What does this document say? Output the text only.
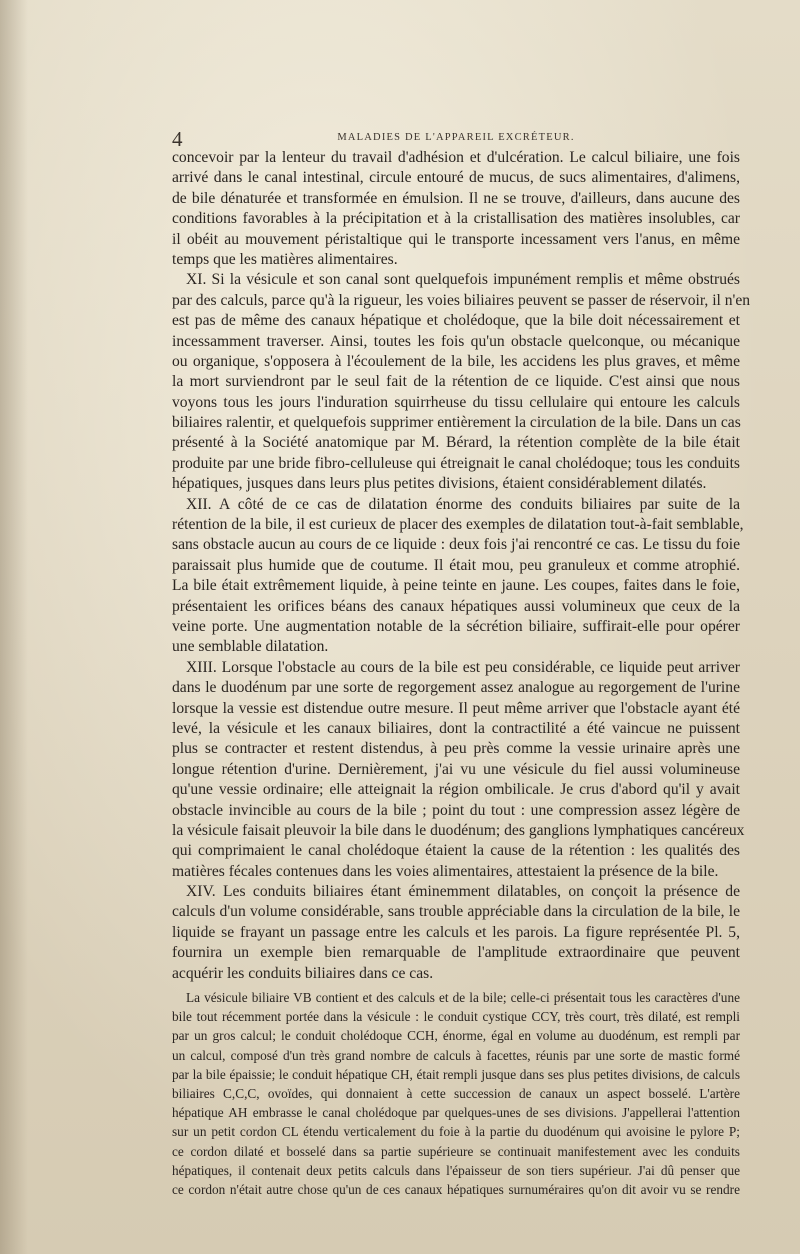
4	MALADIES DE L'APPAREIL EXCRÉTEUR.
concevoir par la lenteur du travail d'adhésion et d'ulcération. Le calcul biliaire, une fois
arrivé dans le canal intestinal, circule entouré de mucus, de sucs alimentaires, d'alimens,
de bile dénaturée et transformée en émulsion. Il ne se trouve, d'ailleurs, dans aucune des
conditions favorables à la précipitation et à la cristallisation des matières insolubles, car
il obéit au mouvement péristaltique qui le transporte incessament vers l'anus, en même
temps que les matières alimentaires.
XI. Si la vésicule et son canal sont quelquefois impunément remplis et même obstrués
par des calculs, parce qu'à la rigueur, les voies biliaires peuvent se passer de réservoir, il n'en
est pas de même des canaux hépatique et cholédoque, que la bile doit nécessairement et
incessamment traverser. Ainsi, toutes les fois qu'un obstacle quelconque, ou mécanique
ou organique, s'opposera à l'écoulement de la bile, les accidens les plus graves, et même
la mort surviendront par le seul fait de la rétention de ce liquide. C'est ainsi que nous
voyons tous les jours l'induration squirrheuse du tissu cellulaire qui entoure les calculs
biliaires ralentir, et quelquefois supprimer entièrement la circulation de la bile. Dans un cas
présenté à la Société anatomique par M. Bérard, la rétention complète de la bile était
produite par une bride fibro-celluleuse qui étreignait le canal cholédoque; tous les conduits
hépatiques, jusques dans leurs plus petites divisions, étaient considérablement dilatés.
XII. A côté de ce cas de dilatation énorme des conduits biliaires par suite de la
rétention de la bile, il est curieux de placer des exemples de dilatation tout-à-fait semblable,
sans obstacle aucun au cours de ce liquide : deux fois j'ai rencontré ce cas. Le tissu du foie
paraissait plus humide que de coutume. Il était mou, peu granuleux et comme atrophié.
La bile était extrêmement liquide, à peine teinte en jaune. Les coupes, faites dans le foie,
présentaient les orifices béans des canaux hépatiques aussi volumineux que ceux de la
veine porte. Une augmentation notable de la sécrétion biliaire, suffirait-elle pour opérer
une semblable dilatation.
XIII. Lorsque l'obstacle au cours de la bile est peu considérable, ce liquide peut arriver
dans le duodénum par une sorte de regorgement assez analogue au regorgement de l'urine
lorsque la vessie est distendue outre mesure. Il peut même arriver que l'obstacle ayant été
levé, la vésicule et les canaux biliaires, dont la contractilité a été vaincue ne puissent
plus se contracter et restent distendus, à peu près comme la vessie urinaire après une
longue rétention d'urine. Dernièrement, j'ai vu une vésicule du fiel aussi volumineuse
qu'une vessie ordinaire; elle atteignait la région ombilicale. Je crus d'abord qu'il y avait
obstacle invincible au cours de la bile ; point du tout : une compression assez légère de
la vésicule faisait pleuvoir la bile dans le duodénum; des ganglions lymphatiques cancéreux
qui comprimaient le canal cholédoque étaient la cause de la rétention : les qualités des
matières fécales contenues dans les voies alimentaires, attestaient la présence de la bile.
XIV. Les conduits biliaires étant éminemment dilatables, on conçoit la présence de
calculs d'un volume considérable, sans trouble appréciable dans la circulation de la bile, le
liquide se frayant un passage entre les calculs et les parois. La figure représentée Pl. 5,
fournira un exemple bien remarquable de l'amplitude extraordinaire que peuvent
acquérir les conduits biliaires dans ce cas.
La vésicule biliaire VB contient et des calculs et de la bile; celle-ci présentait tous les caractères d'une
bile tout récemment portée dans la vésicule : le conduit cystique CCY, très court, très dilaté, est rempli
par un gros calcul; le conduit cholédoque CCH, énorme, égal en volume au duodénum, est rempli par
un calcul, composé d'un très grand nombre de calculs à facettes, réunis par une sorte de mastic formé
par la bile épaissie; le conduit hépatique CH, était rempli jusque dans ses plus petites divisions, de calculs
biliaires C,C,C, ovoïdes, qui donnaient à cette succession de canaux un aspect bosselé. L'artère
hépatique AH embrasse le canal cholédoque par quelques-unes de ses divisions. J'appellerai l'attention
sur un petit cordon CL étendu verticalement du foie à la partie du duodénum qui avoisine le pylore P;
ce cordon dilaté et bosselé dans sa partie supérieure se continuait manifestement avec les conduits
hépatiques, il contenait deux petits calculs dans l'épaisseur de son tiers supérieur. J'ai dû penser que
ce cordon n'était autre chose qu'un de ces canaux hépatiques surnuméraires qu'on dit avoir vu se rendre
